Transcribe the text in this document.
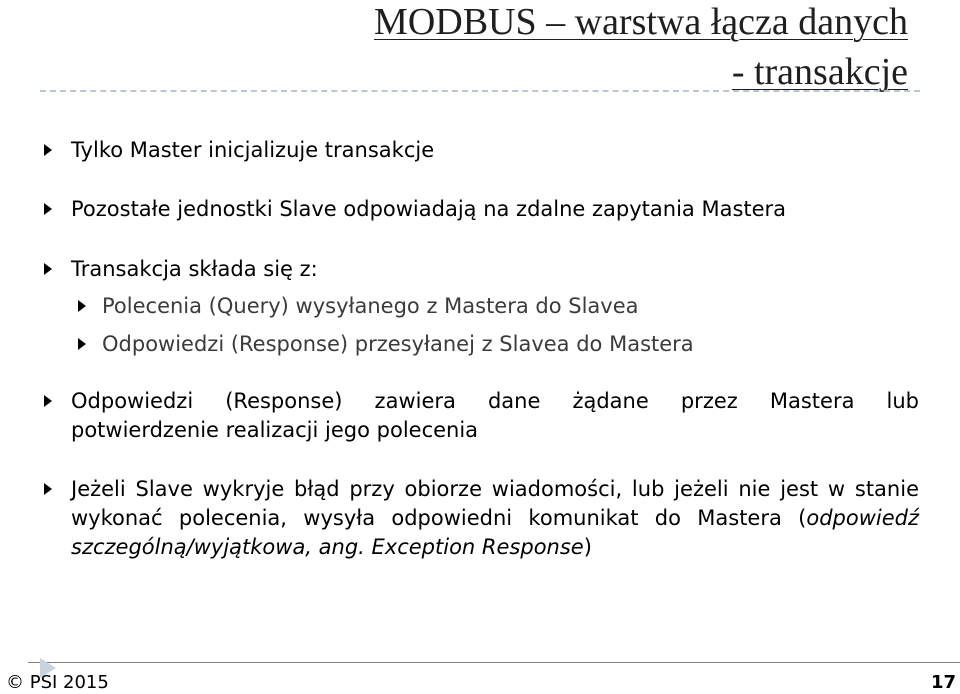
MODBUS – warstwa łącza danych
- transakcje
Tylko Master inicjalizuje transakcje
Pozostałe jednostki Slave odpowiadają na zdalne zapytania Mastera
Transakcja składa się z:
Polecenia (Query) wysyłanego z Mastera do Slavea
Odpowiedzi (Response) przesyłanej z Slavea do Mastera
Odpowiedzi (Response) zawiera dane żądane przez Mastera lub
potwierdzenie realizacji jego polecenia
Jeżeli Slave wykryje błąd przy obiorze wiadomości, lub jeżeli nie jest w stanie
wykonać polecenia, wysyła odpowiedni komunikat do Mastera (odpowiedź
szczególną/wyjątkowa, ang. Exception Response)
© PSI 2015	17
